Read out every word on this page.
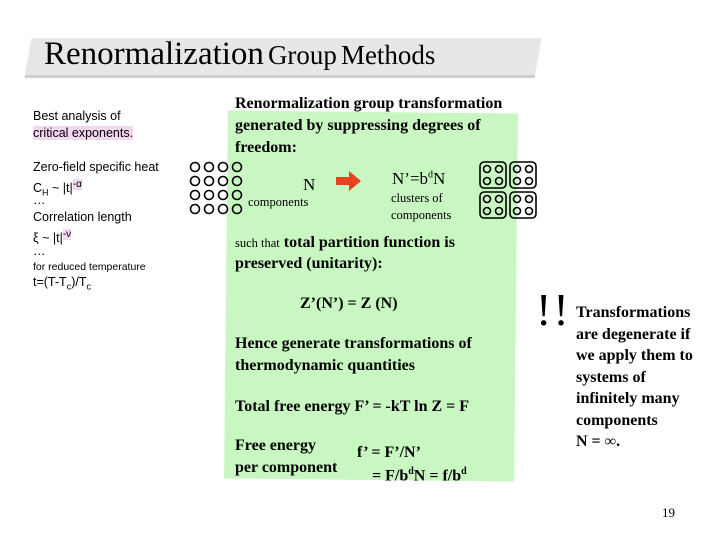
Renormalization Group Methods
Best analysis of
critical exponents.
Zero-field specific heat
$C_H$ ~ $|t|^{-\alpha}$
…
Correlation length
ξ ~ $|t|^{-\nu}$
…
for reduced temperature
$t=(T-T_c)/T_c$
Renormalization group transformation
generated by suppressing degrees of
freedom:
N
components
$N’=b^dN$
clusters of
components
such that total partition function is
preserved (unitarity):
Z’(N’) = Z (N)
Hence generate transformations of
thermodynamic quantities
Total free energy F’ = -kT ln Z = F
Free energy
per component
f’ = F’/N’
= $F/b^dN = f/b^d$
!! Transformations
are degenerate if
we apply them to
systems of
infinitely many
components
N = ∞.
19
